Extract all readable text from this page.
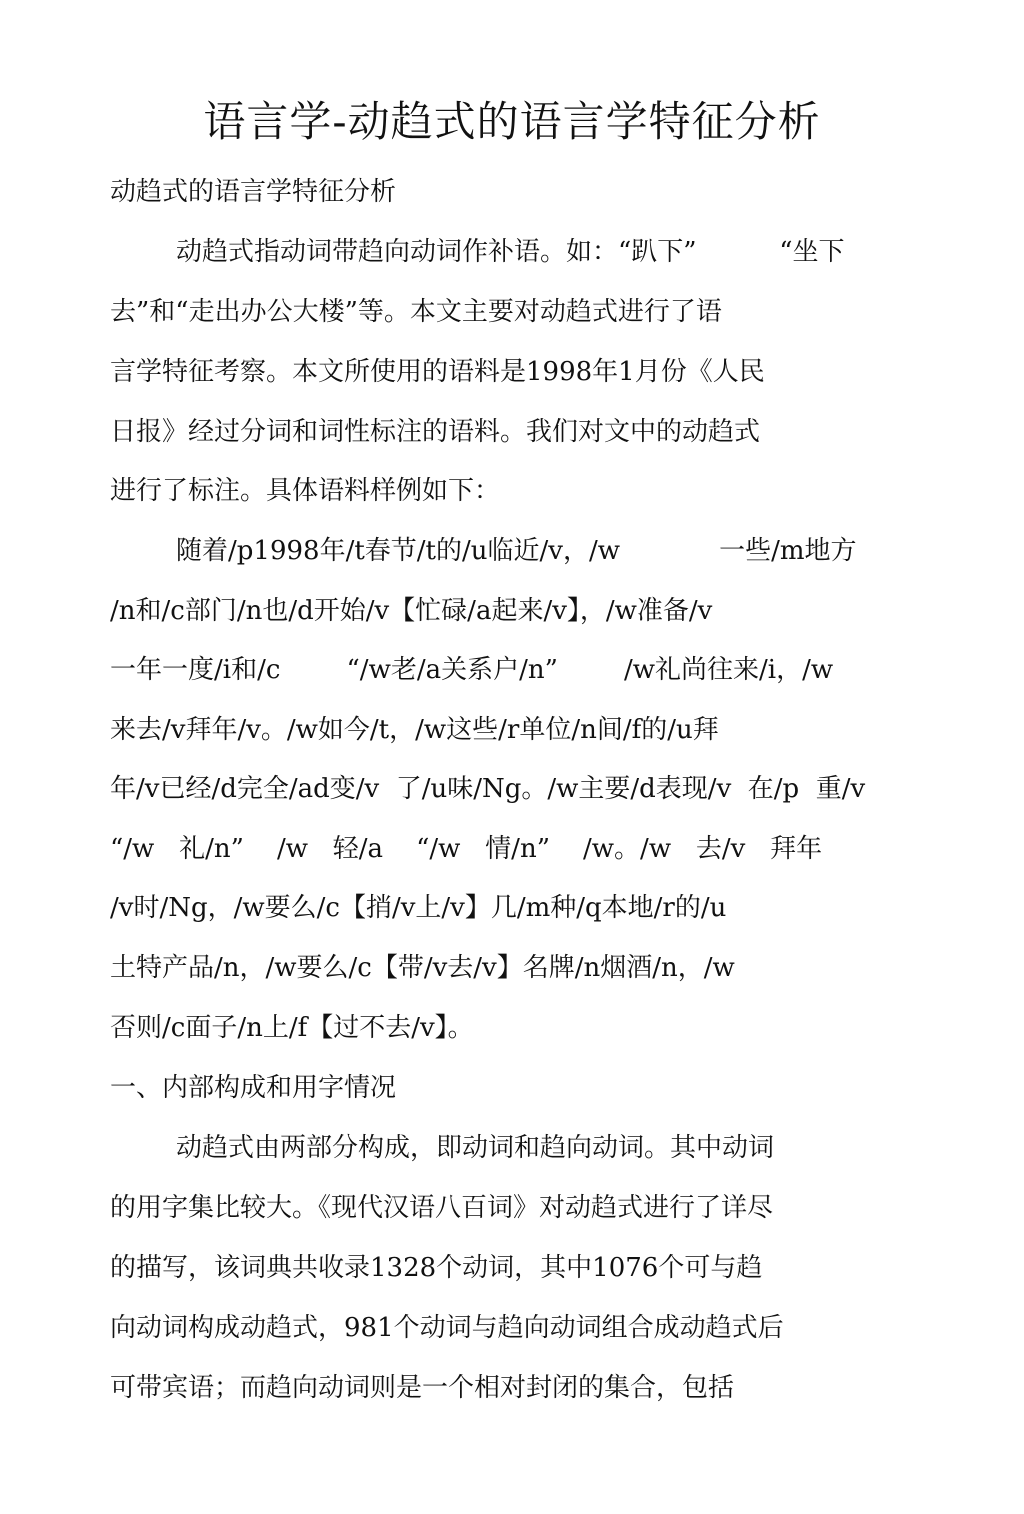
语言学-动趋式的语言学特征分析

动趋式的语言学特征分析

动趋式指动词带趋向动词作补语。如：“趴下”          “坐下

去”和“走出办公大楼”等。本文主要对动趋式进行了语

言学特征考察。本文所使用的语料是1998年1月份《人民

日报》经过分词和词性标注的语料。我们对文中的动趋式

进行了标注。具体语料样例如下：

随着/p1998年/t春节/t的/u临近/v，/w            一些/m地方

/n和/c部门/n也/d开始/v【忙碌/a起来/v】，/w准备/v

一年一度/i和/c        “/w老/a关系户/n”        /w礼尚往来/i，/w

来去/v拜年/v。/w如今/t，/w这些/r单位/n间/f的/u拜

年/v已经/d完全/ad变/v  了/u味/Ng。/w主要/d表现/v  在/p  重/v

“/w   礼/n”    /w   轻/a    “/w   情/n”    /w。/w   去/v   拜年

/v时/Ng，/w要么/c【捎/v上/v】几/m种/q本地/r的/u

土特产品/n，/w要么/c【带/v去/v】名牌/n烟酒/n，/w

否则/c面子/n上/f【过不去/v】。

一、内部构成和用字情况

动趋式由两部分构成，即动词和趋向动词。其中动词

的用字集比较大。《现代汉语八百词》对动趋式进行了详尽

的描写，该词典共收录1328个动词，其中1076个可与趋

向动词构成动趋式，981个动词与趋向动词组合成动趋式后

可带宾语；而趋向动词则是一个相对封闭的集合，包括
